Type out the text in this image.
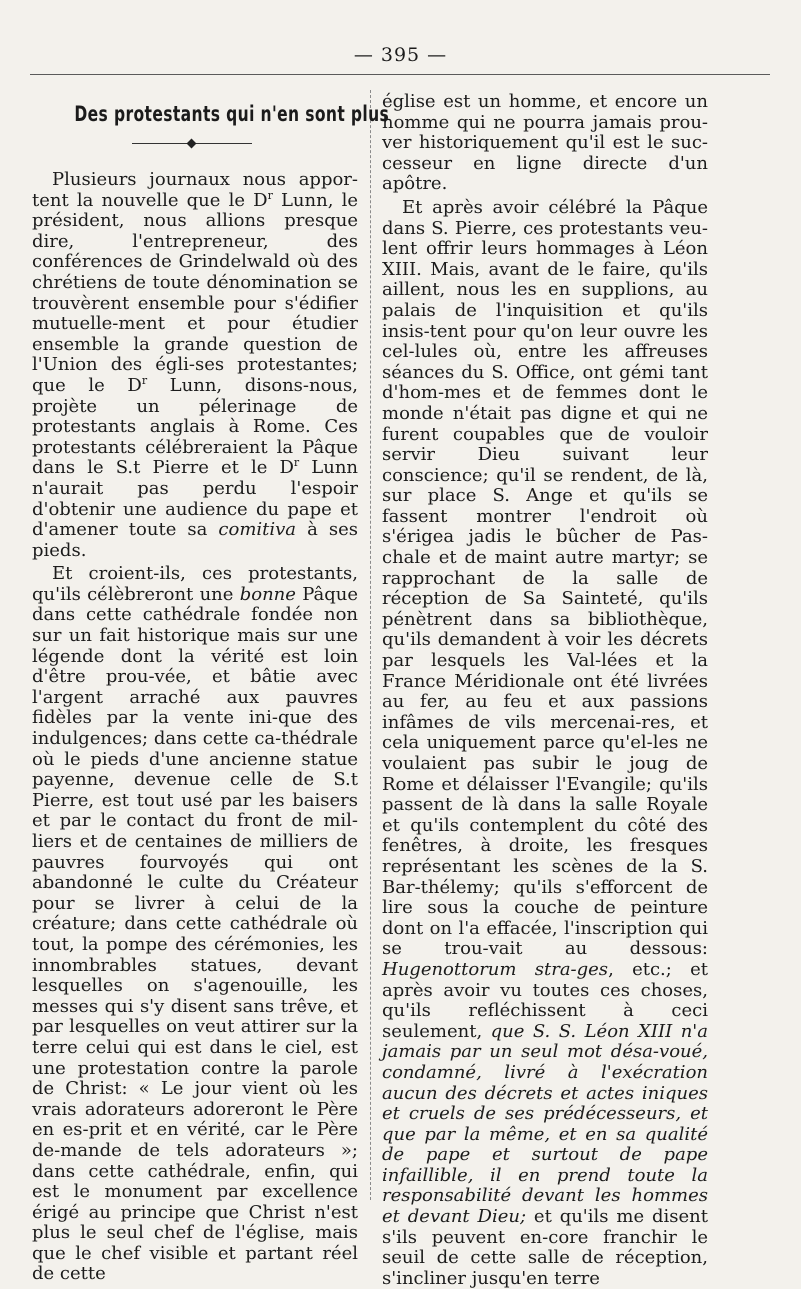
— 395 —
Des protestants qui n'en sont plus

Plusieurs journaux nous appor- tent la nouvelle que le $D^r$ Lunn, le président, nous allions presque dire, l'entrepreneur, des conférences de Grindelwald où des chrétiens de toute dénomination se trouvèrent ensemble pour s'édifier mutuelle-ment et pour étudier ensemble la grande question de l'Union des égli-ses protestantes; que le $D^r$ Lunn, disons-nous, projète un pélerinage de protestants anglais à Rome. Ces protestants célébreraient la Pâque dans le S.t Pierre et le $D^r$ Lunn n'aurait pas perdu l'espoir d'obtenir une audience du pape et d'amener toute sa comitiva à ses pieds.

Et croient-ils, ces protestants, qu'ils célèbreront une bonne Pâque dans cette cathédrale fondée non sur un fait historique mais sur une légende dont la vérité est loin d'être prou-vée, et bâtie avec l'argent arraché aux pauvres fidèles par la vente ini-que des indulgences; dans cette ca-thédrale où le pieds d'une ancienne statue payenne, devenue celle de S.t Pierre, est tout usé par les baisers et par le contact du front de mil-liers et de centaines de milliers de pauvres fourvoyés qui ont abandonné le culte du Créateur pour se livrer à celui de la créature; dans cette cathédrale où tout, la pompe des cérémonies, les innombrables statues, devant lesquelles on s'agenouille, les messes qui s'y disent sans trêve, et par lesquelles on veut attirer sur la terre celui qui est dans le ciel, est une protestation contre la parole de Christ: « Le jour vient où les vrais adorateurs adoreront le Père en es-prit et en vérité, car le Père de-mande de tels adorateurs »; dans cette cathédrale, enfin, qui est le monument par excellence érigé au principe que Christ n'est plus le seul chef de l'église, mais que le chef visible et partant réel de cette

église est un homme, et encore un homme qui ne pourra jamais prou-ver historiquement qu'il est le suc-cesseur en ligne directe d'un apôtre.

Et après avoir célébré la Pâque dans S. Pierre, ces protestants veu-lent offrir leurs hommages à Léon XIII. Mais, avant de le faire, qu'ils aillent, nous les en supplions, au palais de l'inquisition et qu'ils insis-tent pour qu'on leur ouvre les cel-lules où, entre les affreuses séances du S. Office, ont gémi tant d'hom-mes et de femmes dont le monde n'était pas digne et qui ne furent coupables que de vouloir servir Dieu suivant leur conscience; qu'il se rendent, de là, sur place S. Ange et qu'ils se fassent montrer l'endroit où s'érigea jadis le bûcher de Pas-chale et de maint autre martyr; se rapprochant de la salle de réception de Sa Sainteté, qu'ils pénètrent dans sa bibliothèque, qu'ils demandent à voir les décrets par lesquels les Val-lées et la France Méridionale ont été livrées au fer, au feu et aux passions infâmes de vils mercenai-res, et cela uniquement parce qu'el-les ne voulaient pas subir le joug de Rome et délaisser l'Evangile; qu'ils passent de là dans la salle Royale et qu'ils contemplent du côté des fenêtres, à droite, les fresques représentant les scènes de la S. Bar-thélemy; qu'ils s'efforcent de lire sous la couche de peinture dont on l'a effacée, l'inscription qui se trou-vait au dessous: Hugenottorum stra-ges, etc.; et après avoir vu toutes ces choses, qu'ils refléchissent à ceci seulement, que S. S. Léon XIII n'a jamais par un seul mot désa-voué, condamné, livré à l'exécration aucun des décrets et actes iniques et cruels de ses prédécesseurs, et que par la même, et en sa qualité de pape et surtout de pape infaillible, il en prend toute la responsabilité devant les hommes et devant Dieu; et qu'ils me disent s'ils peuvent en-core franchir le seuil de cette salle de réception, s'incliner jusqu'en terre
